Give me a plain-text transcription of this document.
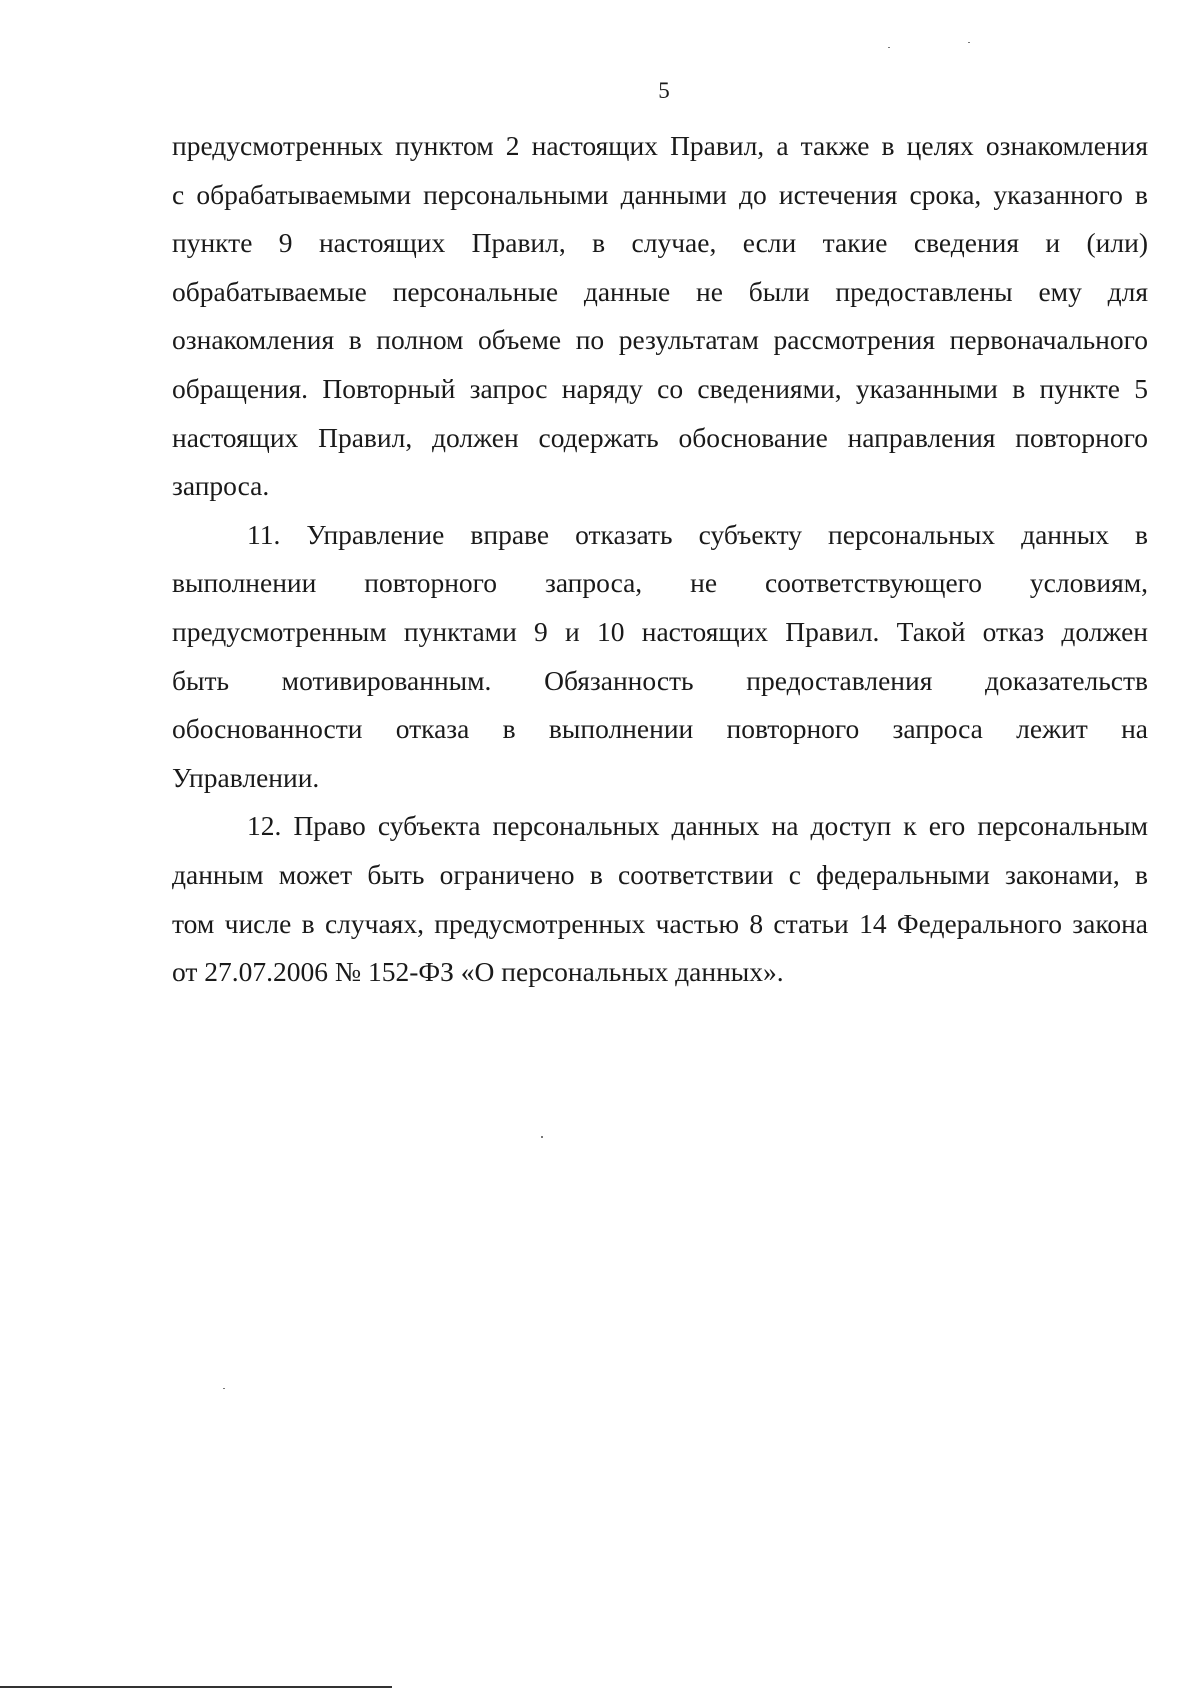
5
предусмотренных пунктом 2 настоящих Правил, а также в целях ознакомления
с обрабатываемыми персональными данными до истечения срока, указанного в
пункте 9 настоящих Правил, в случае, если такие сведения и (или)
обрабатываемые персональные данные не были предоставлены ему для
ознакомления в полном объеме по результатам рассмотрения первоначального
обращения. Повторный запрос наряду со сведениями, указанными в пункте 5
настоящих Правил, должен содержать обоснование направления повторного
запроса.
11. Управление вправе отказать субъекту персональных данных в
выполнении повторного запроса, не соответствующего условиям,
предусмотренным пунктами 9 и 10 настоящих Правил. Такой отказ должен
быть мотивированным. Обязанность предоставления доказательств
обоснованности отказа в выполнении повторного запроса лежит на
Управлении.
12. Право субъекта персональных данных на доступ к его персональным
данным может быть ограничено в соответствии с федеральными законами, в
том числе в случаях, предусмотренных частью 8 статьи 14 Федерального закона
от 27.07.2006 № 152-ФЗ «О персональных данных».
